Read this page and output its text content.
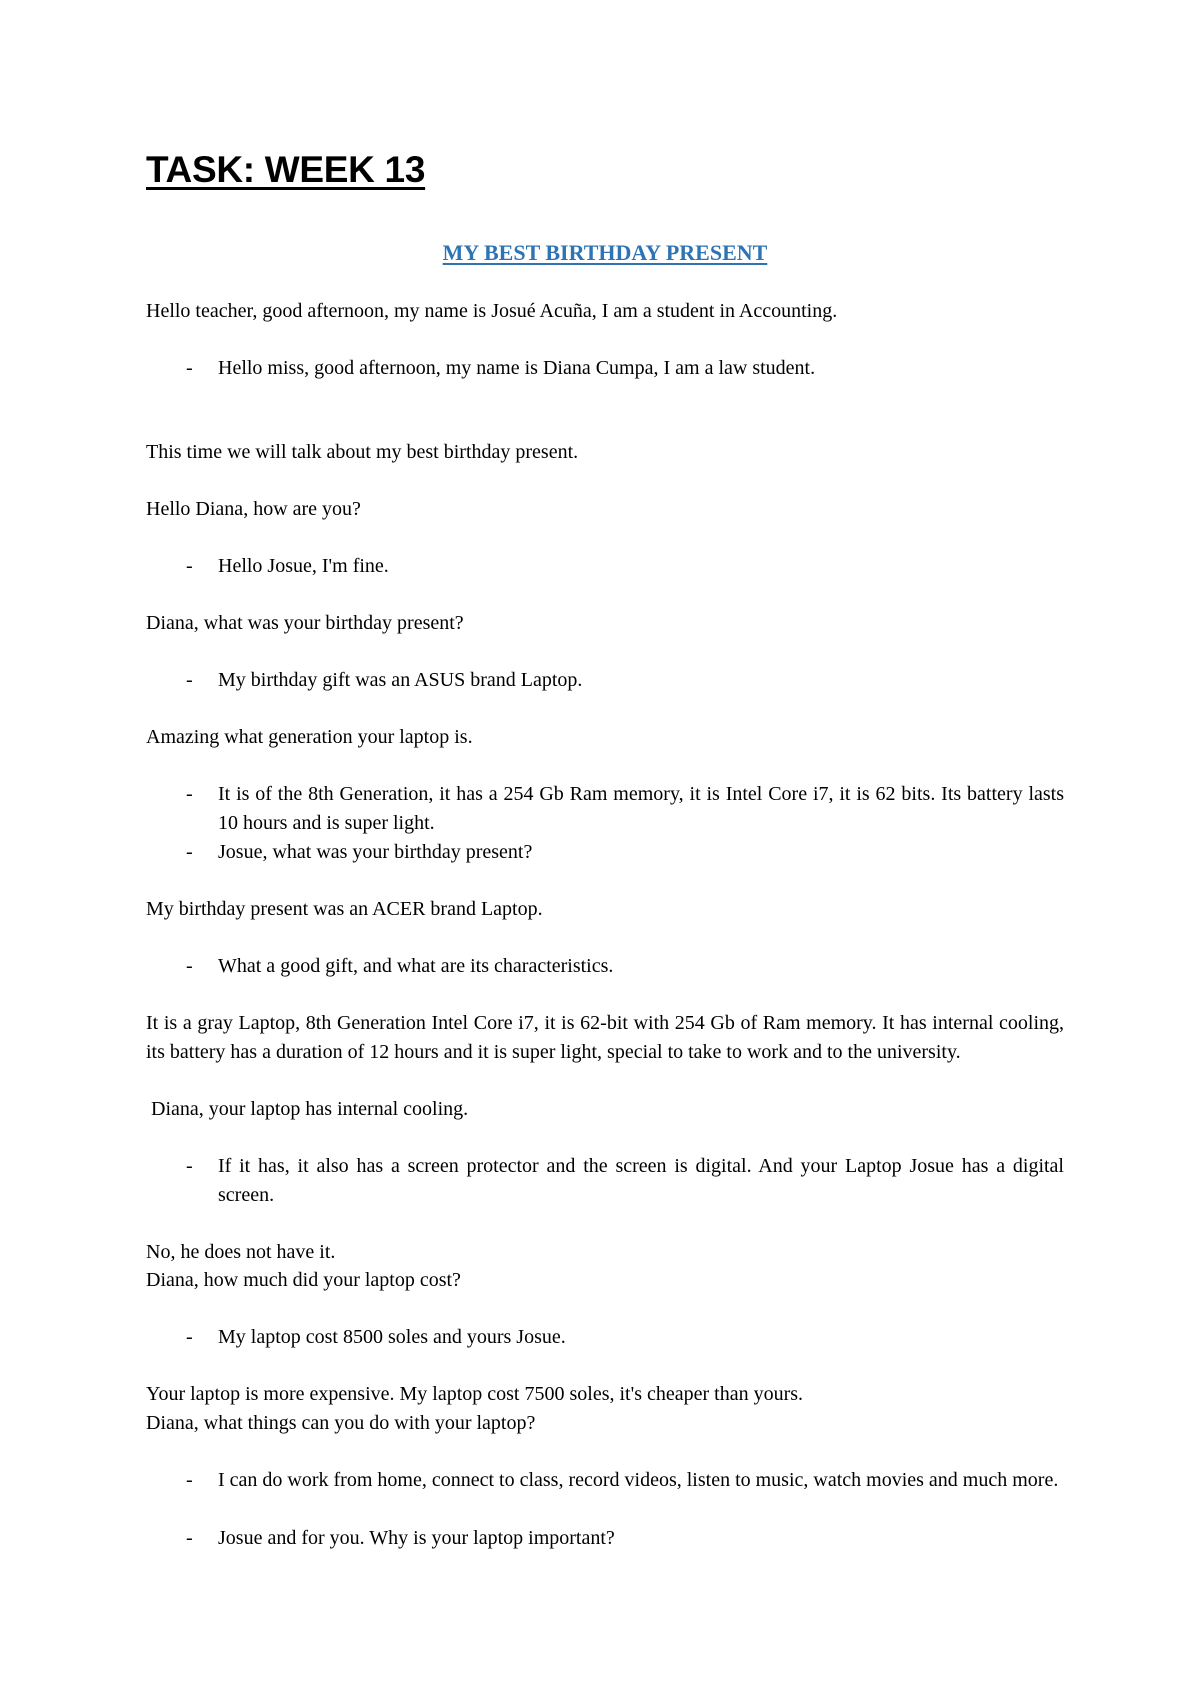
TASK: WEEK 13
MY BEST BIRTHDAY PRESENT

Hello teacher, good afternoon, my name is Josué Acuña, I am a student in Accounting.

- Hello miss, good afternoon, my name is Diana Cumpa, I am a law student.

This time we will talk about my best birthday present.

Hello Diana, how are you?

- Hello Josue, I'm fine.

Diana, what was your birthday present?

- My birthday gift was an ASUS brand Laptop.

Amazing what generation your laptop is.

- It is of the 8th Generation, it has a 254 Gb Ram memory, it is Intel Core i7, it is 62 bits. Its battery lasts 10 hours and is super light.
- Josue, what was your birthday present?

My birthday present was an ACER brand Laptop.

- What a good gift, and what are its characteristics.

It is a gray Laptop, 8th Generation Intel Core i7, it is 62-bit with 254 Gb of Ram memory. It has internal cooling, its battery has a duration of 12 hours and it is super light, special to take to work and to the university.

Diana, your laptop has internal cooling.

- If it has, it also has a screen protector and the screen is digital. And your Laptop Josue has a digital screen.

No, he does not have it.

Diana, how much did your laptop cost?

- My laptop cost 8500 soles and yours Josue.

Your laptop is more expensive. My laptop cost 7500 soles, it's cheaper than yours.

Diana, what things can you do with your laptop?

- I can do work from home, connect to class, record videos, listen to music, watch movies and much more.
- Josue and for you. Why is your laptop important?
